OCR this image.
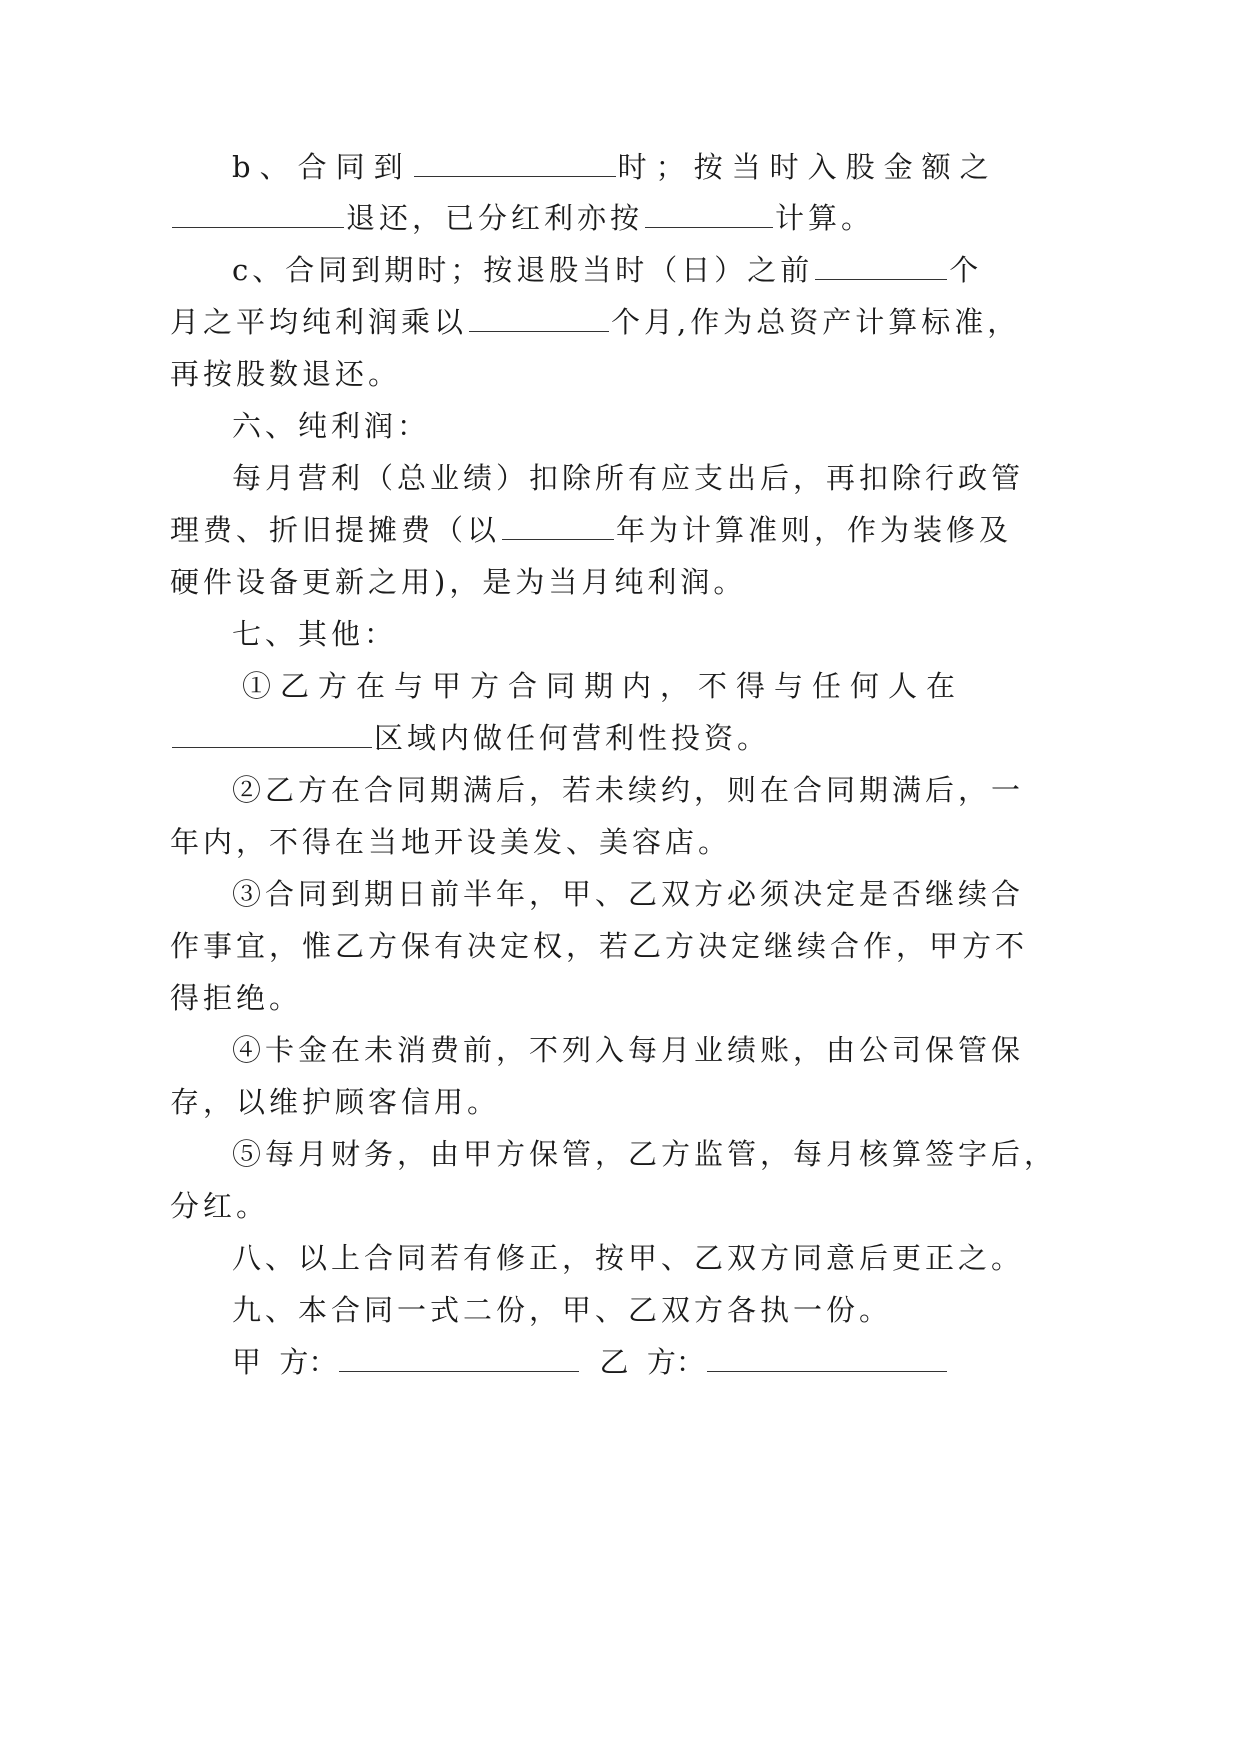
b、合同到	时；按当时入股金额之
退还，已分红利亦按	计算。
c、合同到期时；按退股当时（日）之前	个
月之平均纯利润乘以	个月,作为总资产计算标准，
再按股数退还。
六、纯利润：
每月营利（总业绩）扣除所有应支出后，再扣除行政管
理费、折旧提摊费（以	年为计算准则，作为装修及
硬件设备更新之用)，是为当月纯利润。
七、其他：
①乙方在与甲方合同期内，不得与任何人在
区域内做任何营利性投资。
②乙方在合同期满后，若未续约，则在合同期满后，一
年内，不得在当地开设美发、美容店。
③合同到期日前半年，甲、乙双方必须决定是否继续合
作事宜，惟乙方保有决定权，若乙方决定继续合作，甲方不
得拒绝。
④卡金在未消费前，不列入每月业绩账，由公司保管保
存，以维护顾客信用。
⑤每月财务，由甲方保管，乙方监管，每月核算签字后，
分红。
八、以上合同若有修正，按甲、乙双方同意后更正之。
九、本合同一式二份，甲、乙双方各执一份。
甲  方：	乙  方：
